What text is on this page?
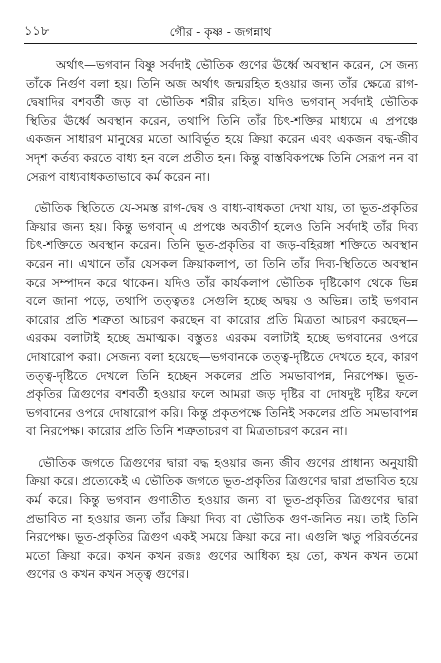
১১৮	গৌর - কৃষ্ণ - জগন্নাথ

অর্থাৎ—ভগবান বিষ্ণু সর্বদাই ভৌতিক গুণের ঊর্ধ্বে অবস্থান করেন, সে জন্য তাঁকে নির্গুণ বলা হয়। তিনি অজ অর্থাৎ জন্মরহিত হওয়ার জন্য তাঁর ক্ষেত্রে রাগ-দ্বেষাদির বশবর্তী জড় বা ভৌতিক শরীর রহিত। যদিও ভগবান্ সর্বদাই ভৌতিক স্থিতির ঊর্ধ্বে অবস্থান করেন, তথাপি তিনি তাঁর চিৎ-শক্তির মাধ্যমে এ প্রপঞ্চে একজন সাধারণ মানুষের মতো আবির্ভূত হয়ে ক্রিয়া করেন এবং একজন বদ্ধ-জীব সদৃশ কর্তব্য করতে বাধ্য হন বলে প্রতীত হন। কিন্তু বাস্তবিকপক্ষে তিনি সেরূপ নন বা সেরূপ বাধ্যবাধকতাভাবে কর্ম করেন না।

ভৌতিক স্থিতিতে যে-সমস্ত রাগ-দ্বেষ ও বাধ্য-বাধকতা দেখা যায়, তা ভূত-প্রকৃতির ক্রিয়ার জন্য হয়। কিন্তু ভগবান্ এ প্রপঞ্চে অবতীর্ণ হলেও তিনি সর্বদাই তাঁর দিব্য চিৎ-শক্তিতে অবস্থান করেন। তিনি ভূত-প্রকৃতির বা জড়-বহিরঙ্গা শক্তিতে অবস্থান করেন না। এখানে তাঁর যেসকল ক্রিয়াকলাপ, তা তিনি তাঁর দিব্য-স্থিতিতে অবস্থান করে সম্পাদন করে থাকেন। যদিও তাঁর কার্যকলাপ ভৌতিক দৃষ্টিকোণ থেকে ভিন্ন বলে জানা পড়ে, তথাপি তত্ত্বতঃ সেগুলি হচ্ছে অদ্বয় ও অভিন্ন। তাই ভগবান কারোর প্রতি শত্রুতা আচরণ করছেন বা কারোর প্রতি মিত্রতা আচরণ করছেন—এরকম বলাটাই হচ্ছে ভ্রমাত্মক। বস্তুতঃ এরকম বলাটাই হচ্ছে ভগবানের ওপরে দোষারোপ করা। সেজন্য বলা হয়েছে—ভগবানকে তত্ত্ব-দৃষ্টিতে দেখতে হবে, কারণ তত্ত্ব-দৃষ্টিতে দেখলে তিনি হচ্ছেন সকলের প্রতি সমভাবাপন্ন, নিরপেক্ষ। ভূত-প্রকৃতির ত্রিগুণের বশবর্তী হওয়ার ফলে আমরা জড় দৃষ্টির বা দোষদুষ্ট দৃষ্টির ফলে ভগবানের ওপরে দোষারোপ করি। কিন্তু প্রকৃতপক্ষে তিনিই সকলের প্রতি সমভাবাপন্ন বা নিরপেক্ষ। কারোর প্রতি তিনি শত্রুতাচরণ বা মিত্রতাচরণ করেন না।

ভৌতিক জগতে ত্রিগুণের দ্বারা বদ্ধ হওয়ার জন্য জীব গুণের প্রাধান্য অনুযায়ী ক্রিয়া করে। প্রত্যেকেই এ ভৌতিক জগতে ভূত-প্রকৃতির ত্রিগুণের দ্বারা প্রভাবিত হয়ে কর্ম করে। কিন্তু ভগবান গুণাতীত হওয়ার জন্য বা ভূত-প্রকৃতির ত্রিগুণের দ্বারা প্রভাবিত না হওয়ার জন্য তাঁর ক্রিয়া দিব্য বা ভৌতিক গুণ-জনিত নয়। তাই তিনি নিরপেক্ষ। ভূত-প্রকৃতির ত্রিগুণ একই সময়ে ক্রিয়া করে না। এগুলি ঋতু পরিবর্তনের মতো ক্রিয়া করে। কখন কখন রজঃ গুণের আধিক্য হয় তো, কখন কখন তমো গুণের ও কখন কখন সত্ত্ব গুণের।
